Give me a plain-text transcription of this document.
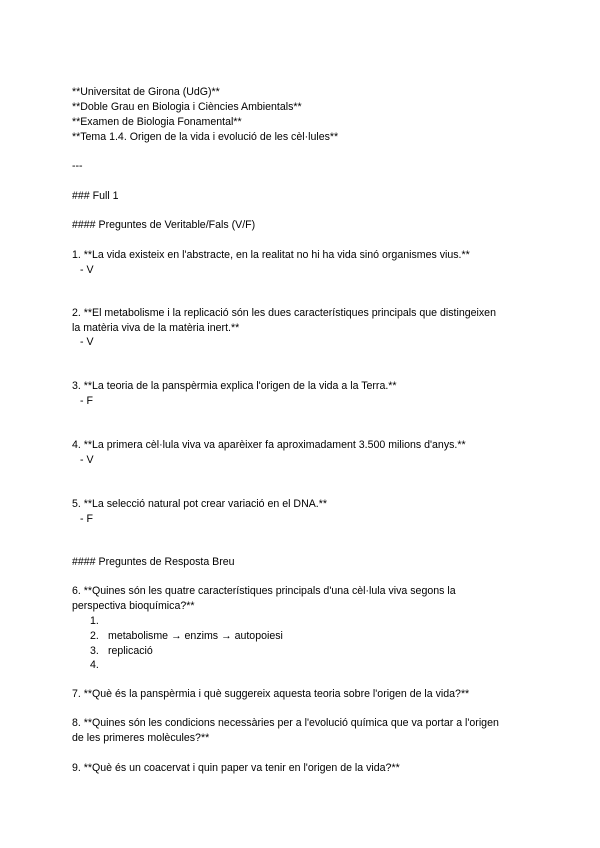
**Universitat de Girona (UdG)**
**Doble Grau en Biologia i Ciències Ambientals**
**Examen de Biologia Fonamental**
**Tema 1.4. Origen de la vida i evolució de les cèl·lules**
---
### Full 1
#### Preguntes de Veritable/Fals (V/F)
1. **La vida existeix en l'abstracte, en la realitat no hi ha vida sinó organismes vius.**
- V
2. **El metabolisme i la replicació són les dues característiques principals que distingeixen
la matèria viva de la matèria inert.**
- V
3. **La teoria de la panspèrmia explica l'origen de la vida a la Terra.**
- F
4. **La primera cèl·lula viva va aparèixer fa aproximadament 3.500 milions d'anys.**
- V
5. **La selecció natural pot crear variació en el DNA.**
- F
#### Preguntes de Resposta Breu
6. **Quines són les quatre característiques principals d'una cèl·lula viva segons la
perspectiva bioquímica?**
1.
2. metabolisme → enzims → autopoiesi
3. replicació
4.
7. **Què és la panspèrmia i què suggereix aquesta teoria sobre l'origen de la vida?**
8. **Quines són les condicions necessàries per a l'evolució química que va portar a l'origen
de les primeres molècules?**
9. **Què és un coacervat i quin paper va tenir en l'origen de la vida?**
